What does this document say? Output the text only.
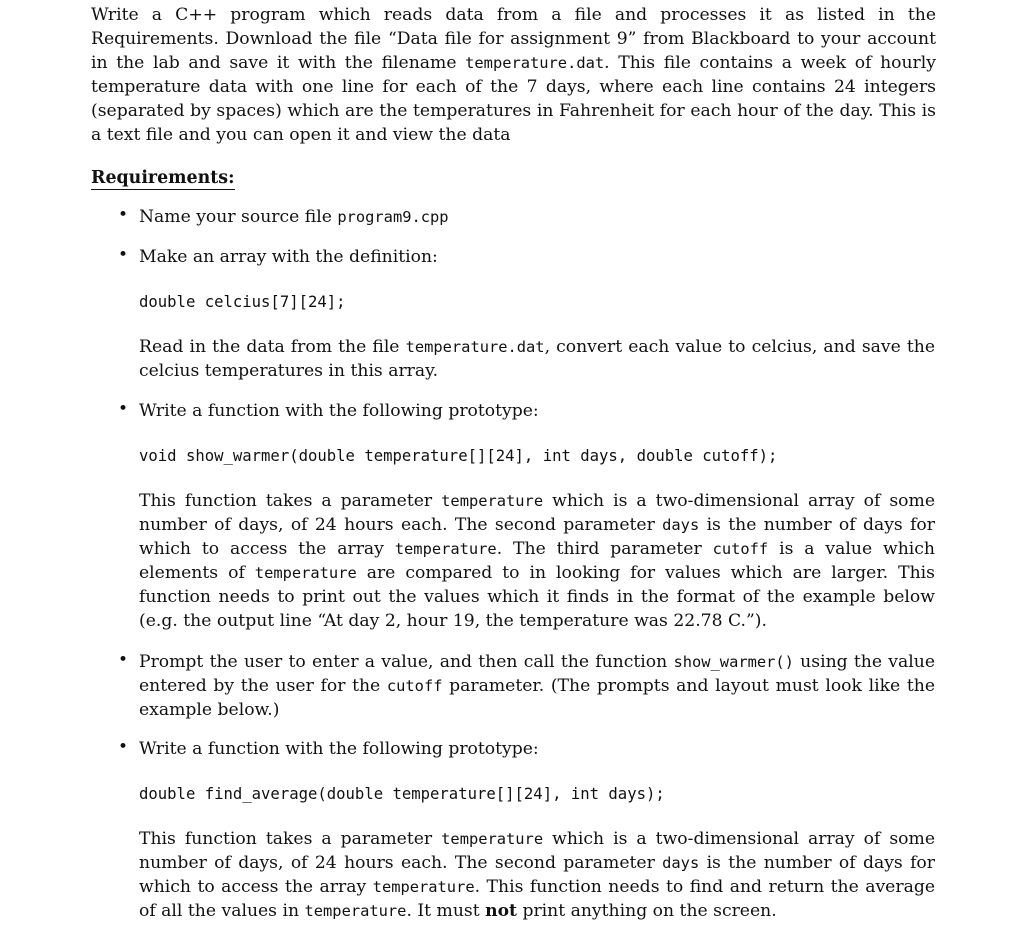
Write a C++ program which reads data from a file and processes it as listed in the Requirements. Download the file “Data file for assignment 9” from Blackboard to your account in the lab and save it with the filename temperature.dat. This file contains a week of hourly temperature data with one line for each of the 7 days, where each line contains 24 integers (separated by spaces) which are the temperatures in Fahrenheit for each hour of the day. This is a text file and you can open it and view the data

Requirements:
• Name your source file program9.cpp

• Make an array with the definition:

double celcius[7][24];

Read in the data from the file temperature.dat, convert each value to celcius, and save the celcius temperatures in this array.

• Write a function with the following prototype:

void show_warmer(double temperature[][24], int days, double cutoff);

This function takes a parameter temperature which is a two-dimensional array of some number of days, of 24 hours each. The second parameter days is the number of days for which to access the array temperature. The third parameter cutoff is a value which elements of temperature are compared to in looking for values which are larger. This function needs to print out the values which it finds in the format of the example below (e.g. the output line “At day 2, hour 19, the temperature was 22.78 C.”).

• Prompt the user to enter a value, and then call the function show_warmer() using the value entered by the user for the cutoff parameter. (The prompts and layout must look like the example below.)

• Write a function with the following prototype:

double find_average(double temperature[][24], int days);

This function takes a parameter temperature which is a two-dimensional array of some number of days, of 24 hours each. The second parameter days is the number of days for which to access the array temperature. This function needs to find and return the average of all the values in temperature. It must not print anything on the screen.
